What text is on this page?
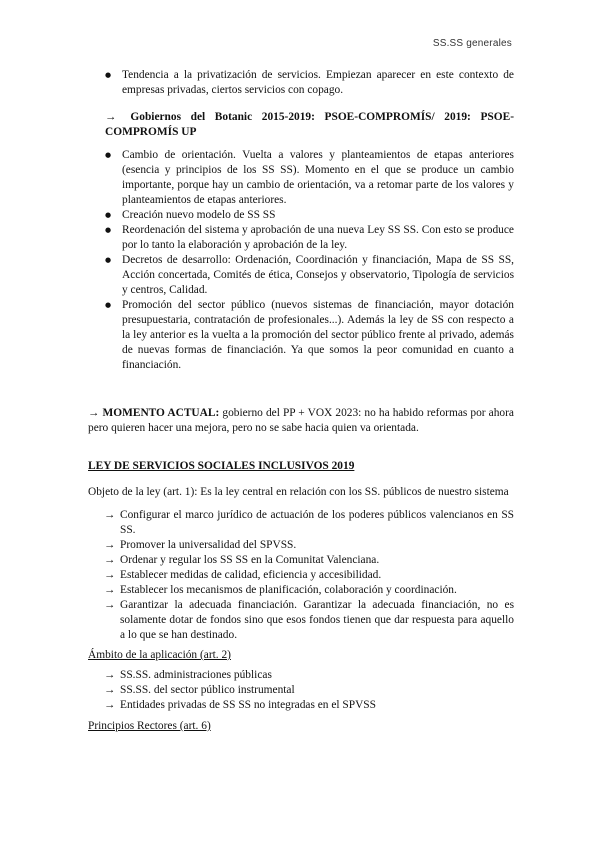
SS.SS generales
● Tendencia a la privatización de servicios. Empiezan aparecer en este contexto de empresas privadas, ciertos servicios con copago.
→ Gobiernos del Botanic 2015-2019: PSOE-COMPROMÍS/ 2019: PSOE-COMPROMÍS UP
● Cambio de orientación. Vuelta a valores y planteamientos de etapas anteriores (esencia y principios de los SS SS). Momento en el que se produce un cambio importante, porque hay un cambio de orientación, va a retomar parte de los valores y planteamientos de etapas anteriores.
● Creación nuevo modelo de SS SS
● Reordenación del sistema y aprobación de una nueva Ley SS SS. Con esto se produce por lo tanto la elaboración y aprobación de la ley.
● Decretos de desarrollo: Ordenación, Coordinación y financiación, Mapa de SS SS, Acción concertada, Comités de ética, Consejos y observatorio, Tipología de servicios y centros, Calidad.
● Promoción del sector público (nuevos sistemas de financiación, mayor dotación presupuestaria, contratación de profesionales...). Además la ley de SS con respecto a la ley anterior es la vuelta a la promoción del sector público frente al privado, además de nuevas formas de financiación. Ya que somos la peor comunidad en cuanto a financiación.
→ MOMENTO ACTUAL: gobierno del PP + VOX 2023: no ha habido reformas por ahora pero quieren hacer una mejora, pero no se sabe hacia quien va orientada.
LEY DE SERVICIOS SOCIALES INCLUSIVOS 2019
Objeto de la ley (art. 1): Es la ley central en relación con los SS. públicos de nuestro sistema
→ Configurar el marco jurídico de actuación de los poderes públicos valencianos en SS SS.
→ Promover la universalidad del SPVSS.
→ Ordenar y regular los SS SS en la Comunitat Valenciana.
→ Establecer medidas de calidad, eficiencia y accesibilidad.
→ Establecer los mecanismos de planificación, colaboración y coordinación.
→ Garantizar la adecuada financiación. Garantizar la adecuada financiación, no es solamente dotar de fondos sino que esos fondos tienen que dar respuesta para aquello a lo que se han destinado.
Ámbito de la aplicación (art. 2)
→ SS.SS. administraciones públicas
→ SS.SS. del sector público instrumental
→ Entidades privadas de SS SS no integradas en el SPVSS
Principios Rectores (art. 6)
